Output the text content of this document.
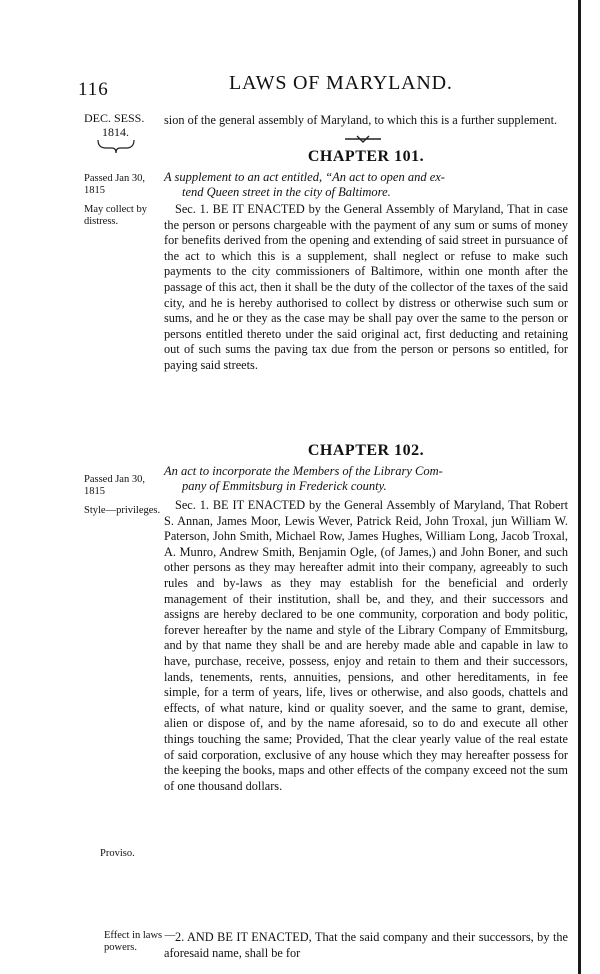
116	LAWS OF MARYLAND.
DEC. SESS.
1814.

sion of the general assembly of Maryland, to which this is a further supplement.

CHAPTER 101.
Passed Jan 30, 1815
May collect by distress.
A supplement to an act entitled, “An act to open and ex-
tend Queen street in the city of Baltimore.

Sec. 1. BE IT ENACTED by the General Assembly of Maryland, That in case the person or persons chargeable with the payment of any sum or sums of money for benefits derived from the opening and extending of said street in pursuance of the act to which this is a supplement, shall neglect or refuse to make such payments to the city commissioners of Baltimore, within one month after the passage of this act, then it shall be the duty of the collector of the taxes of the said city, and he is hereby authorised to collect by distress or otherwise such sum or sums, and he or they as the case may be shall pay over the same to the person or persons entitled thereto under the said original act, first deducting and retaining out of such sums the paving tax due from the person or persons so entitled, for paying said streets.

CHAPTER 102.
Passed Jan 30, 1815
Style—privileges.
An act to incorporate the Members of the Library Com-
pany of Emmitsburg in Frederick county.

Sec. 1. BE IT ENACTED by the General Assembly of Maryland, That Robert S. Annan, James Moor, Lewis Wever, Patrick Reid, John Troxal, jun William W. Paterson, John Smith, Michael Row, James Hughes, William Long, Jacob Troxal, A. Munro, Andrew Smith, Benjamin Ogle, (of James,) and John Boner, and such other persons as they may hereafter admit into their company, agreeably to such rules and by-laws as they may establish for the beneficial and orderly management of their institution, shall be, and they, and their successors and assigns are hereby declared to be one community, corporation and body politic, forever hereafter by the name and style of the Library Company of Emmitsburg, and by that name they shall be and are hereby made able and capable in law to have, purchase, receive, possess, enjoy and retain to them and their successors, lands, tenements, rents, annuities, pensions, and other hereditaments, in fee simple, for a term of years, life, lives or otherwise, and also goods, chattels and effects, of what nature, kind or quality soever, and the same to grant, demise, alien or dispose of, and by the name aforesaid, so to do and execute all other things touching the same; Provided, That the clear yearly value of the real estate of said corporation, exclusive of any house which they may hereafter possess for the keeping the books, maps and other effects of the company exceed not the sum of one thousand dollars.

Proviso.
Effect in laws —powers.

2. AND BE IT ENACTED, That the said company and their successors, by the aforesaid name, shall be for
